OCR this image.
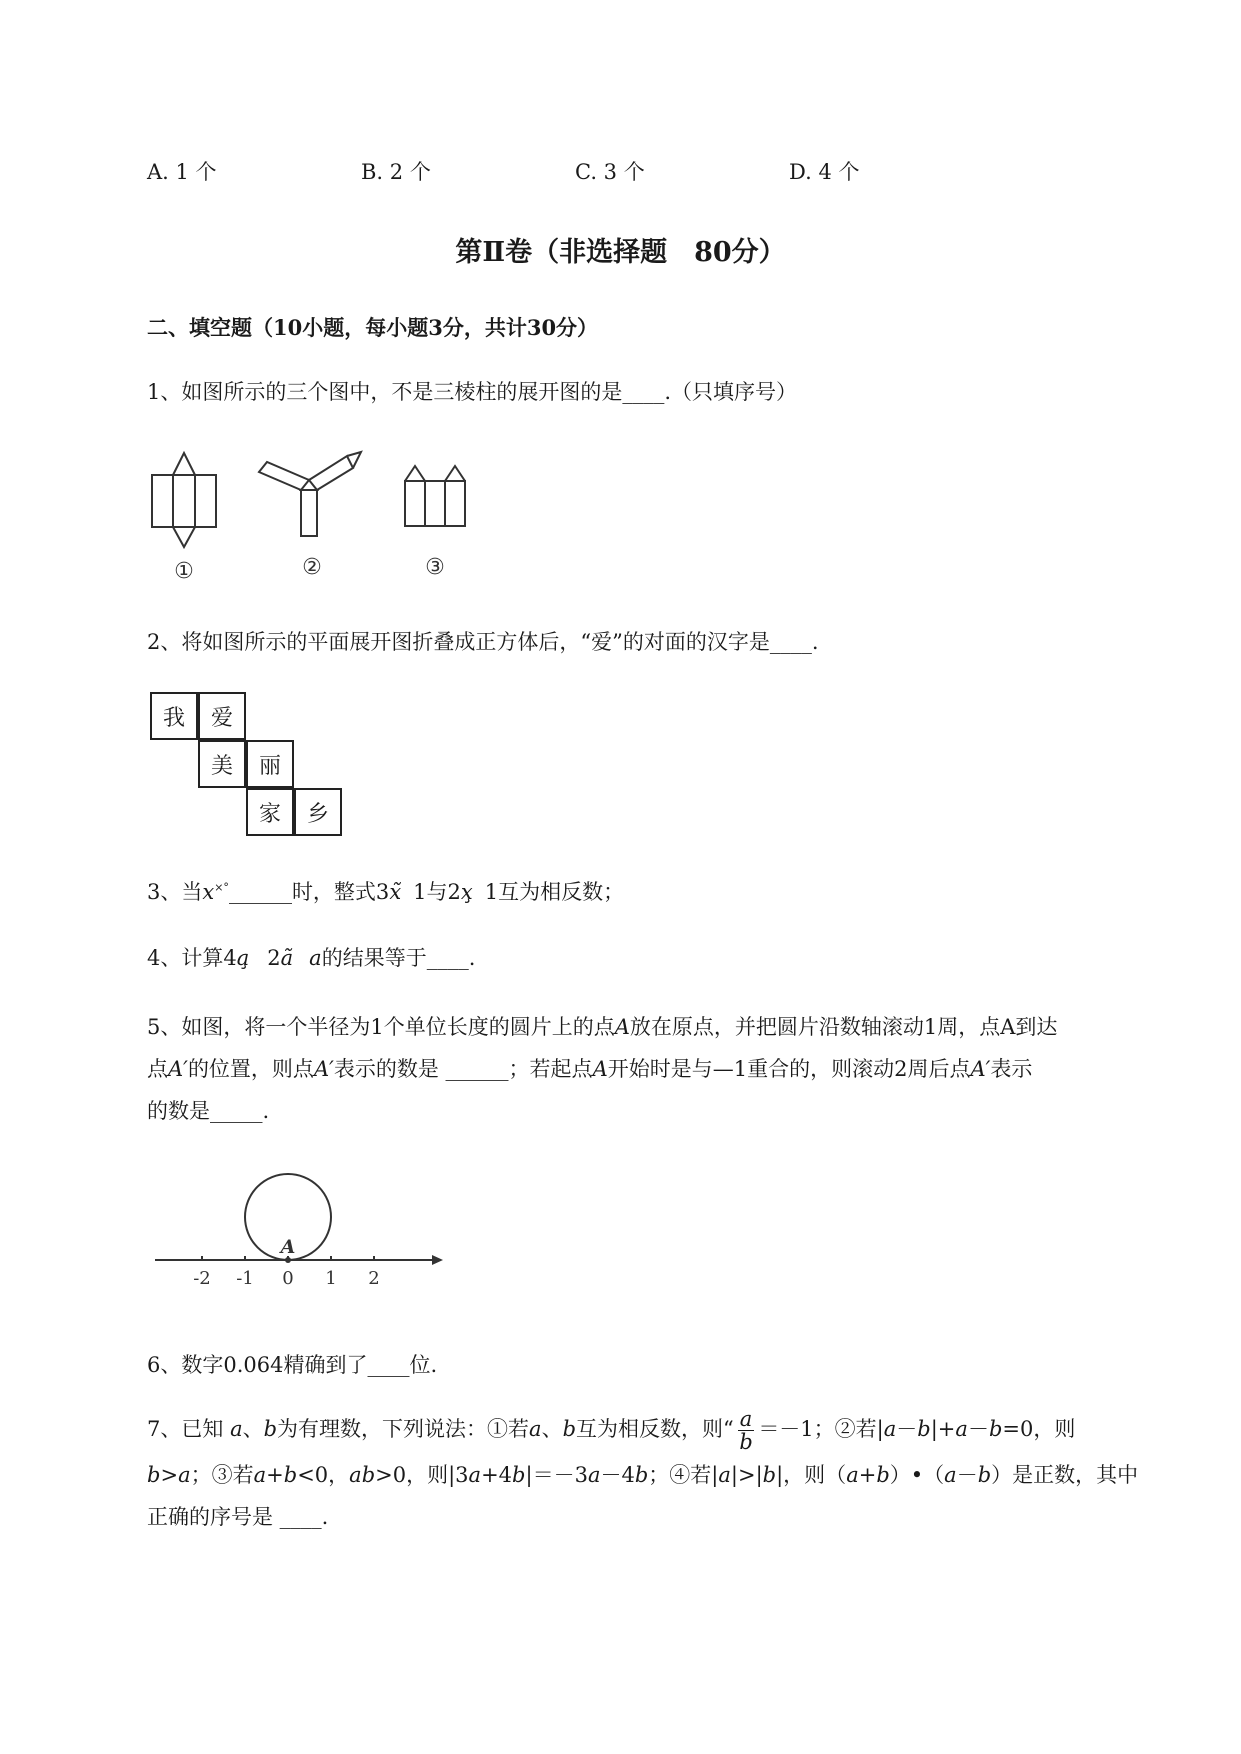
A. 1 个	B. 2 个	C. 3 个	D. 4 个
第Ⅱ卷（非选择题　80分）
二、填空题（10小题，每小题3分，共计30分）
1、如图所示的三个图中，不是三棱柱的展开图的是____.（只填序号）
①	②	③
2、将如图所示的平面展开图折叠成正方体后，“爱”的对面的汉字是____.
我	爱
美	丽
家	乡
3、当x×°______时，整式3x̃ 1与2x̧ 1互为相反数；
4、计算4a̧ 2ã a的结果等于____.
5、如图，将一个半径为1个单位长度的圆片上的点A放在原点，并把圆片沿数轴滚动1周，点A到达
点A′的位置，则点A′表示的数是 ______；若起点A开始时是与—1重合的，则滚动2周后点A′表示
的数是_____.
A
-2 -1 0 1 2
6、数字0.064精确到了____位.
7、已知 a、b为有理数，下列说法：①若a、b互为相反数，则“ $\frac{a}{b} =-1$；②若|a－b|+a－b=0，则
b>a；③若a+b<0，ab>0，则|3a+4b|＝－3a－4b；④若|a|>|b|，则（a+b）•（a－b）是正数，其中
正确的序号是 ____.
